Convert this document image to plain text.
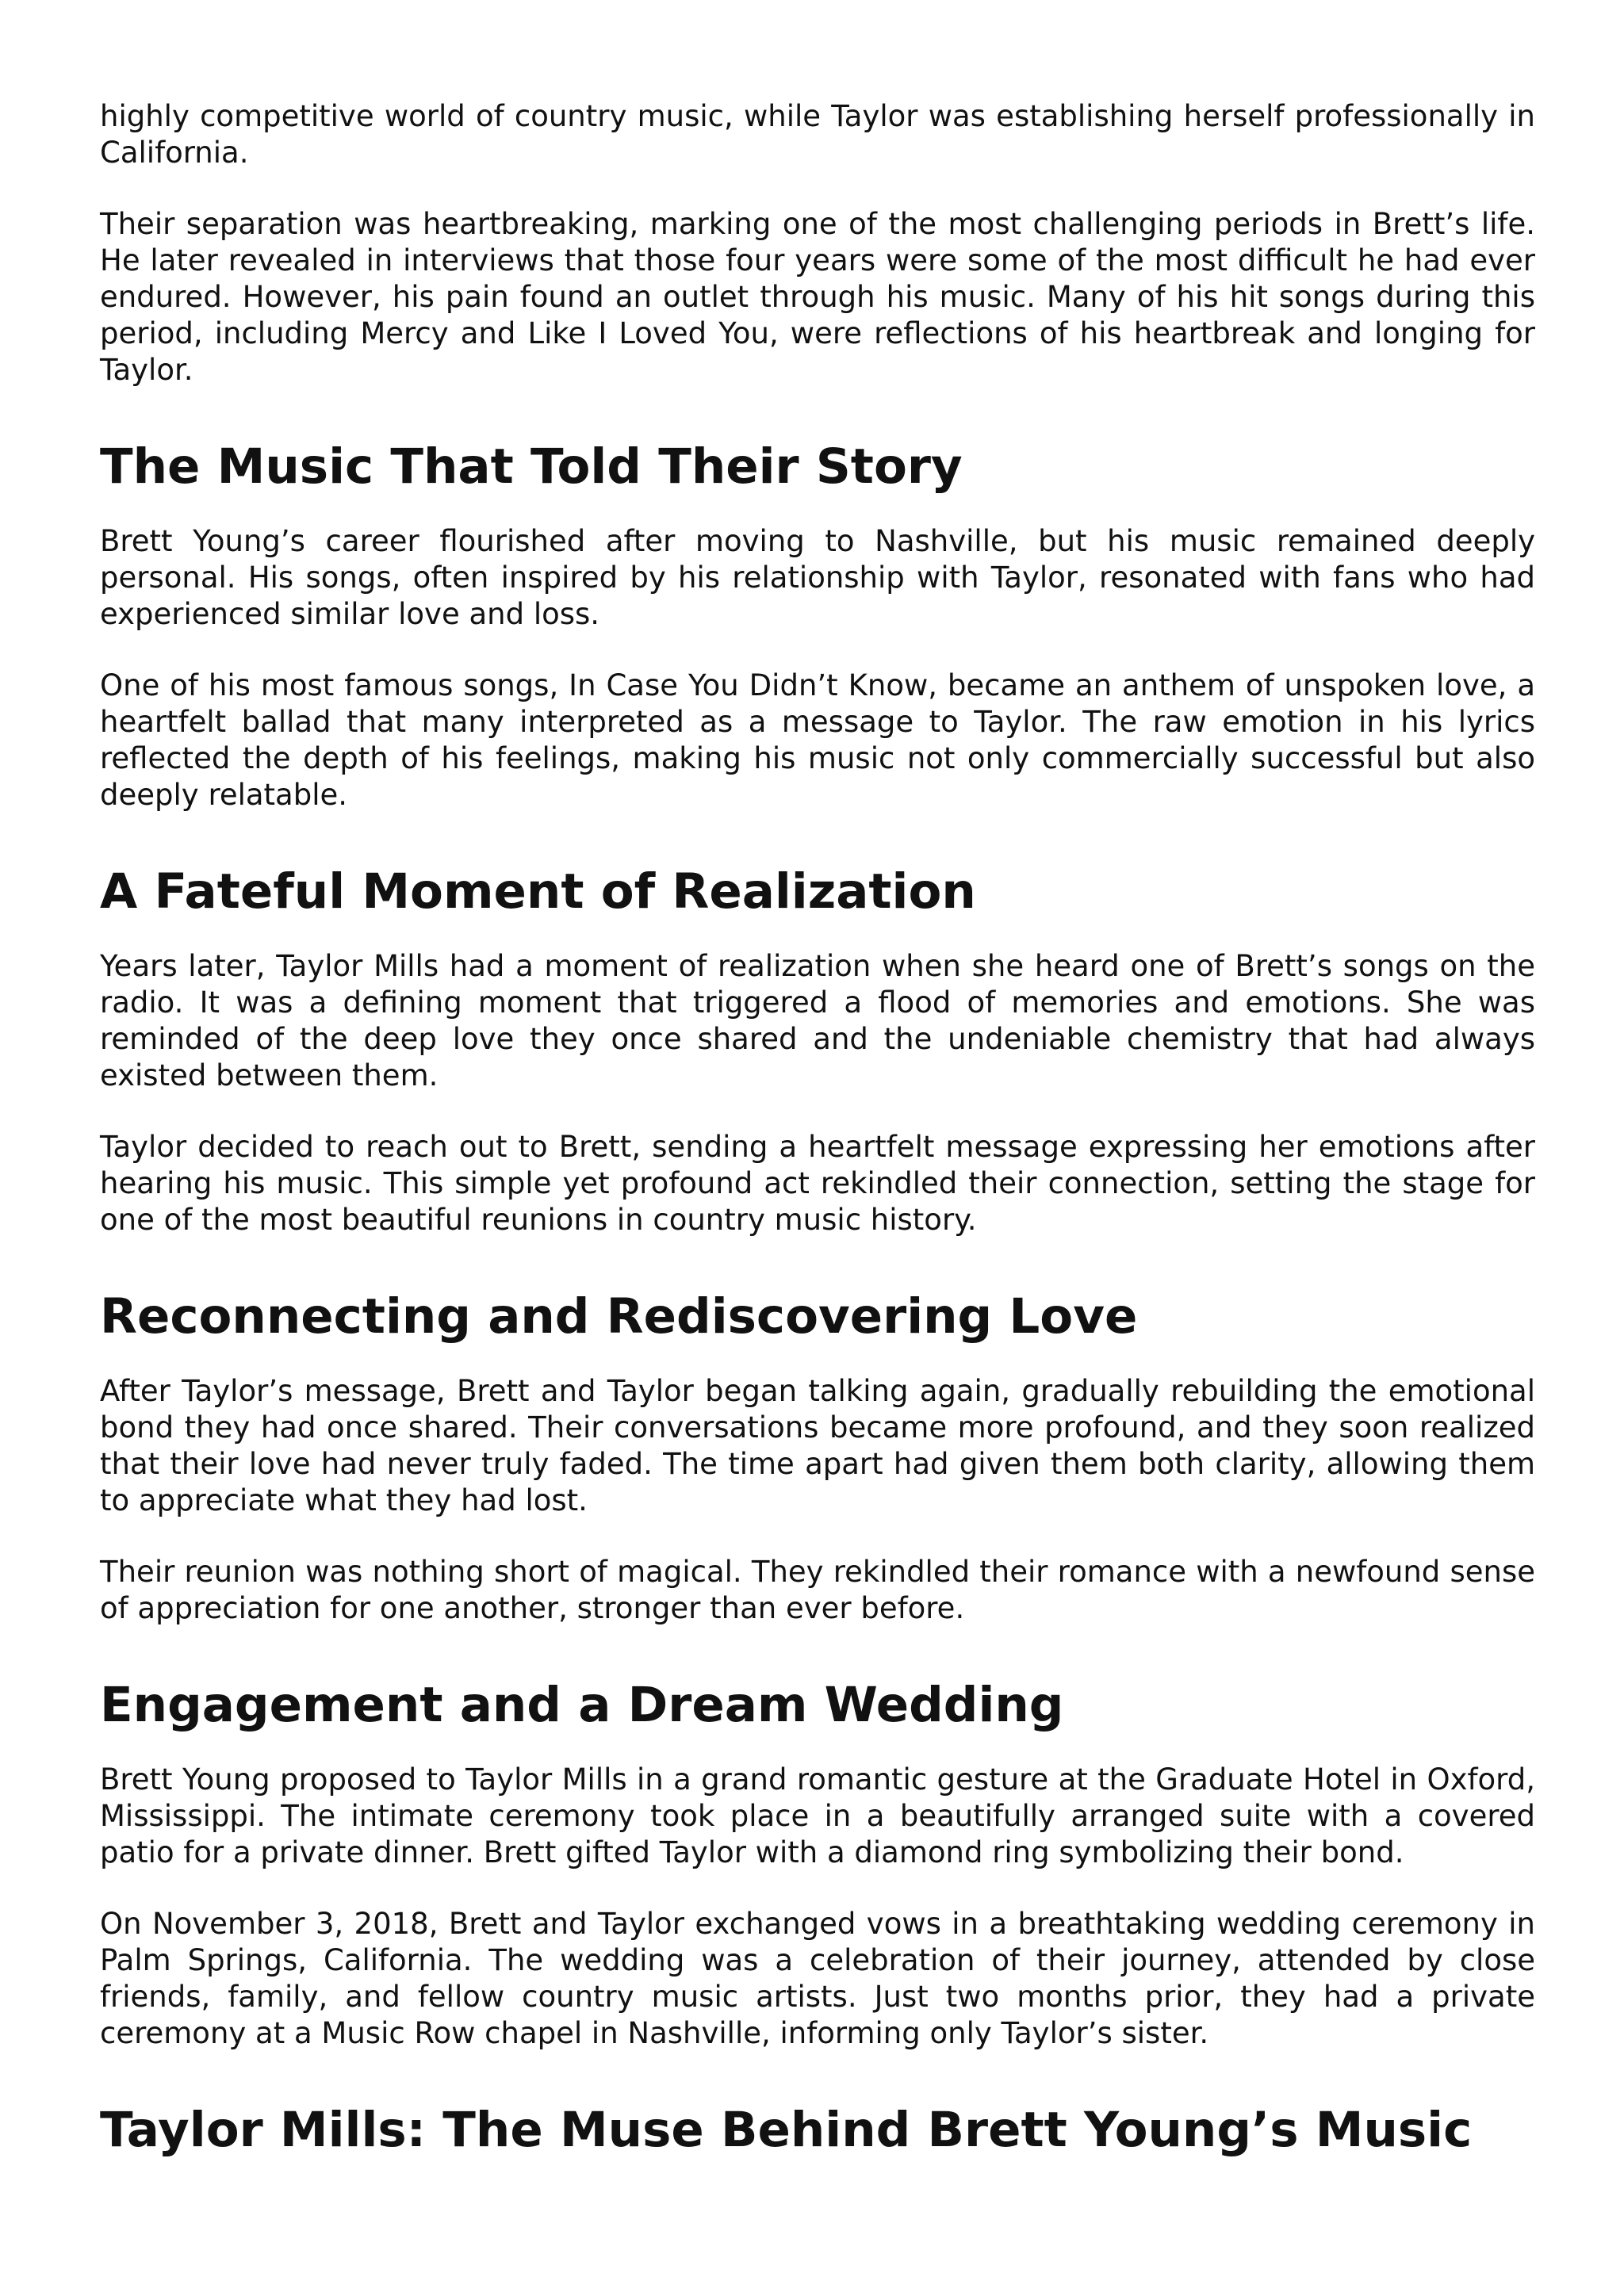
highly competitive world of country music, while Taylor was establishing herself professionally in California.

Their separation was heartbreaking, marking one of the most challenging periods in Brett’s life. He later revealed in interviews that those four years were some of the most difficult he had ever endured. However, his pain found an outlet through his music. Many of his hit songs during this period, including Mercy and Like I Loved You, were reflections of his heartbreak and longing for Taylor.

The Music That Told Their Story

Brett Young’s career flourished after moving to Nashville, but his music remained deeply personal. His songs, often inspired by his relationship with Taylor, resonated with fans who had experienced similar love and loss.

One of his most famous songs, In Case You Didn’t Know, became an anthem of unspoken love, a heartfelt ballad that many interpreted as a message to Taylor. The raw emotion in his lyrics reflected the depth of his feelings, making his music not only commercially successful but also deeply relatable.

A Fateful Moment of Realization

Years later, Taylor Mills had a moment of realization when she heard one of Brett’s songs on the radio. It was a defining moment that triggered a flood of memories and emotions. She was reminded of the deep love they once shared and the undeniable chemistry that had always existed between them.

Taylor decided to reach out to Brett, sending a heartfelt message expressing her emotions after hearing his music. This simple yet profound act rekindled their connection, setting the stage for one of the most beautiful reunions in country music history.

Reconnecting and Rediscovering Love

After Taylor’s message, Brett and Taylor began talking again, gradually rebuilding the emotional bond they had once shared. Their conversations became more profound, and they soon realized that their love had never truly faded. The time apart had given them both clarity, allowing them to appreciate what they had lost.

Their reunion was nothing short of magical. They rekindled their romance with a newfound sense of appreciation for one another, stronger than ever before.

Engagement and a Dream Wedding

Brett Young proposed to Taylor Mills in a grand romantic gesture at the Graduate Hotel in Oxford, Mississippi. The intimate ceremony took place in a beautifully arranged suite with a covered patio for a private dinner. Brett gifted Taylor with a diamond ring symbolizing their bond.

On November 3, 2018, Brett and Taylor exchanged vows in a breathtaking wedding ceremony in Palm Springs, California. The wedding was a celebration of their journey, attended by close friends, family, and fellow country music artists. Just two months prior, they had a private ceremony at a Music Row chapel in Nashville, informing only Taylor’s sister.

Taylor Mills: The Muse Behind Brett Young’s Music
